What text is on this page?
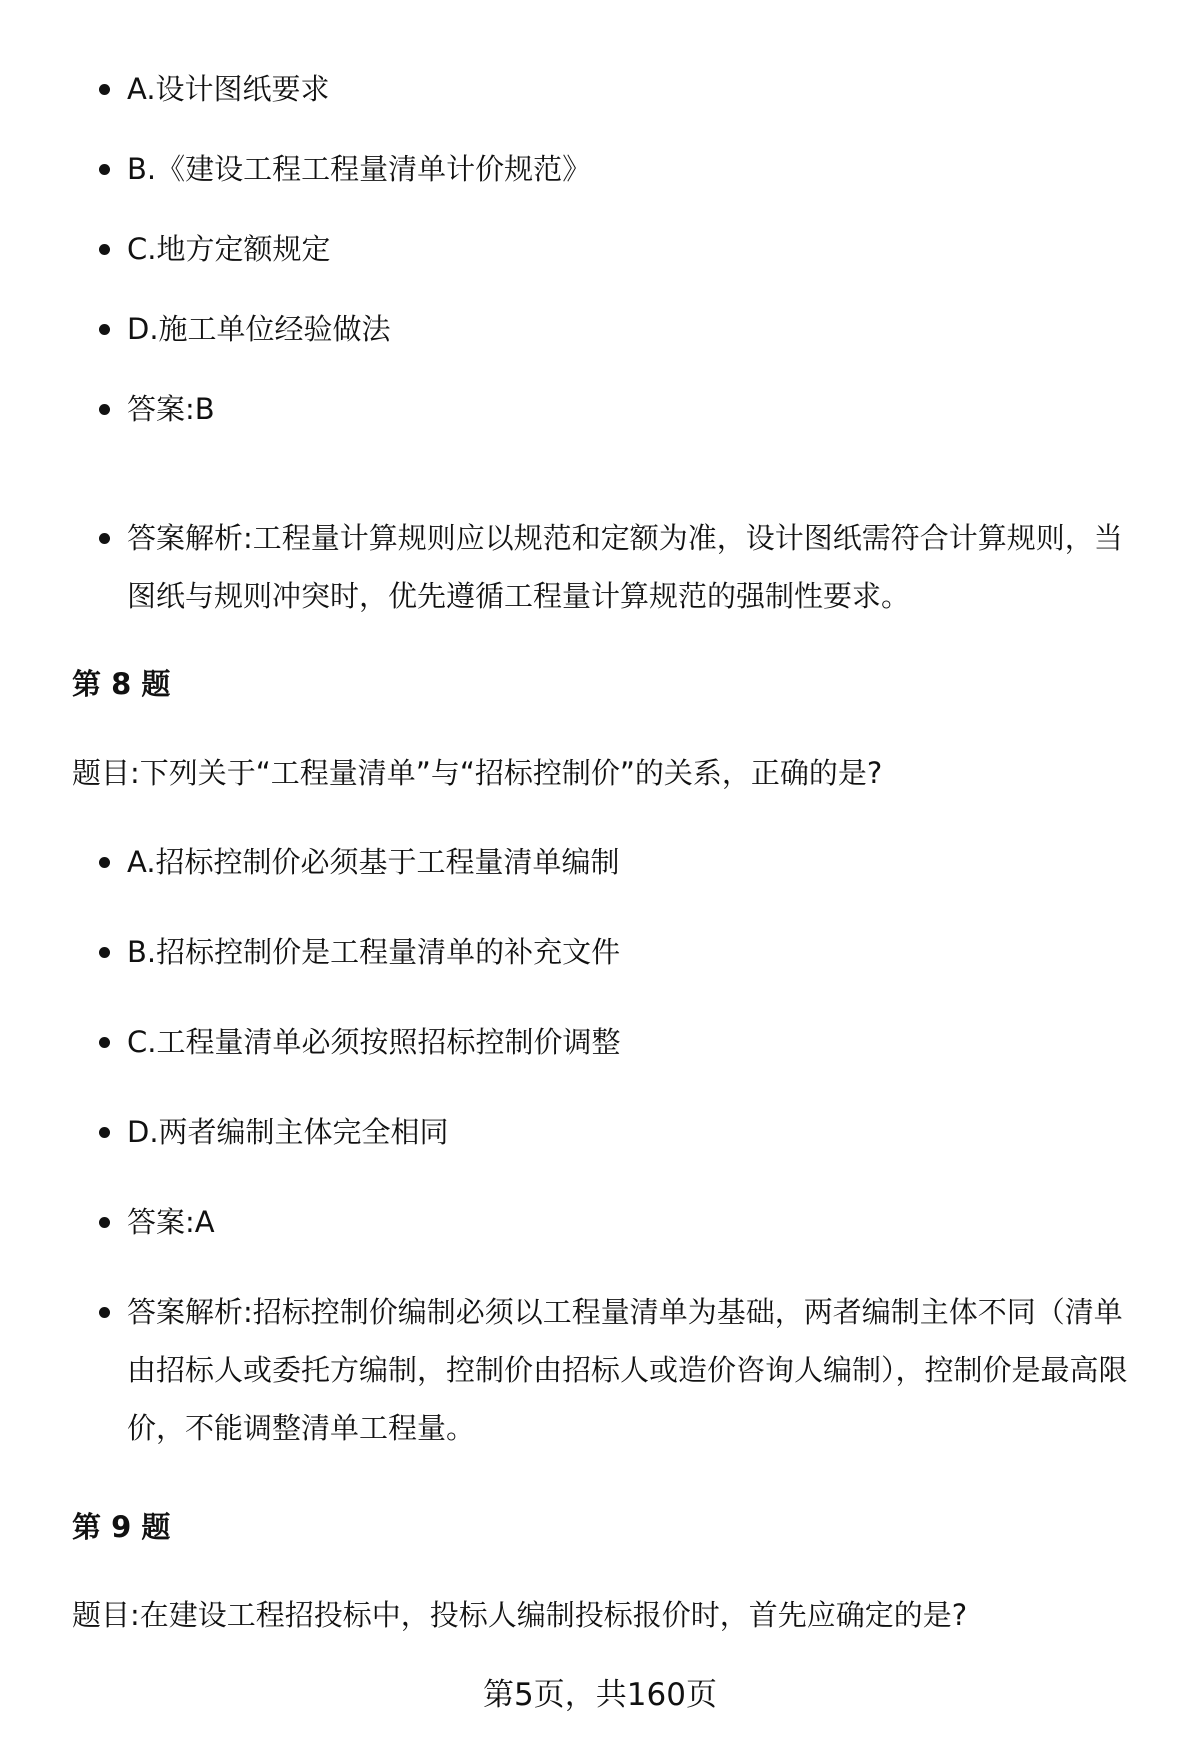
A.设计图纸要求
B.《建设工程工程量清单计价规范》
C.地方定额规定
D.施工单位经验做法
答案:B
答案解析:工程量计算规则应以规范和定额为准，设计图纸需符合计算规则，当图纸与规则冲突时，优先遵循工程量计算规范的强制性要求。
第 8 题
题目:下列关于“工程量清单”与“招标控制价”的关系，正确的是?
A.招标控制价必须基于工程量清单编制
B.招标控制价是工程量清单的补充文件
C.工程量清单必须按照招标控制价调整
D.两者编制主体完全相同
答案:A
答案解析:招标控制价编制必须以工程量清单为基础，两者编制主体不同（清单由招标人或委托方编制，控制价由招标人或造价咨询人编制），控制价是最高限价，不能调整清单工程量。
第 9 题
题目:在建设工程招投标中，投标人编制投标报价时，首先应确定的是?
第5页，共160页
